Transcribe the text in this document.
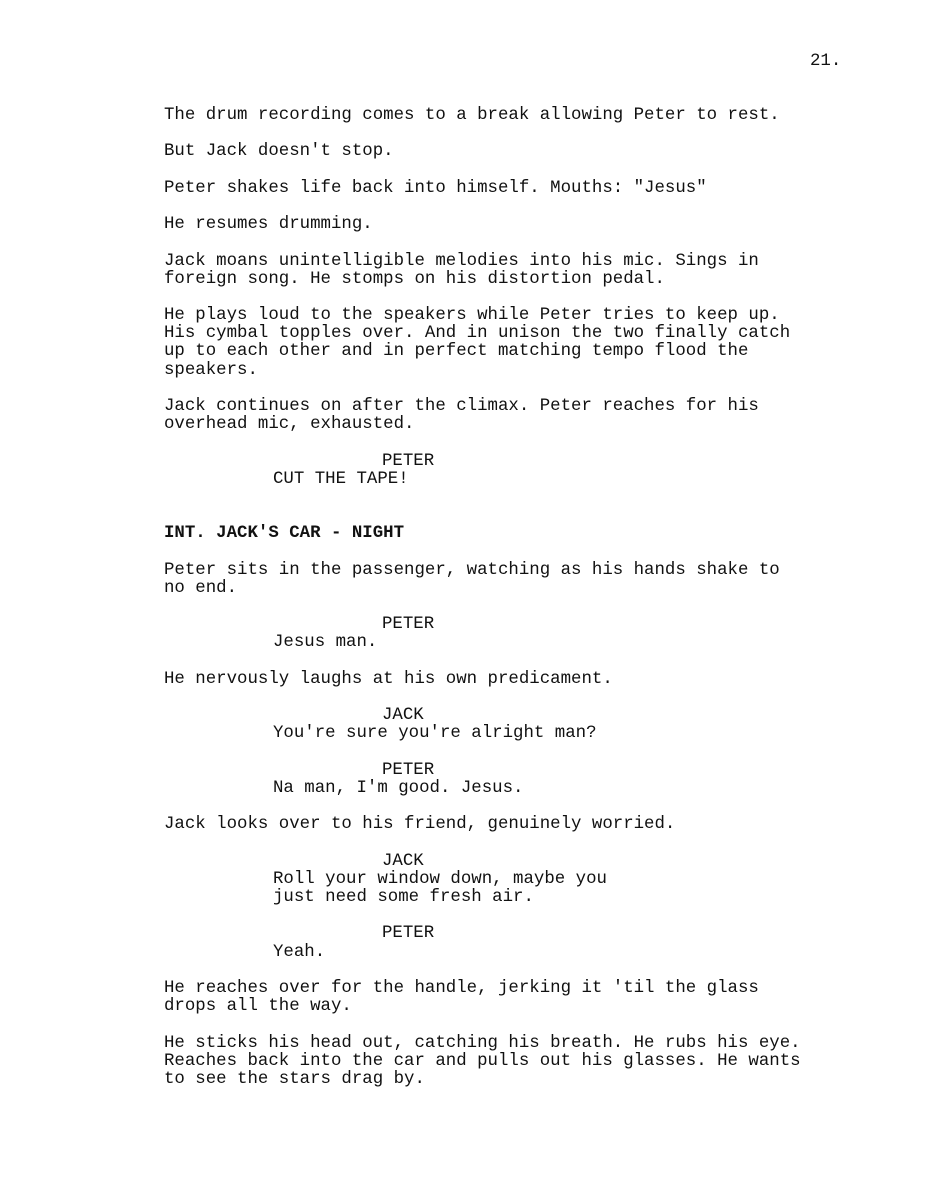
21.
The drum recording comes to a break allowing Peter to rest.
But Jack doesn't stop.
Peter shakes life back into himself. Mouths: "Jesus"
He resumes drumming.
Jack moans unintelligible melodies into his mic. Sings in
foreign song. He stomps on his distortion pedal.
He plays loud to the speakers while Peter tries to keep up.
His cymbal topples over. And in unison the two finally catch
up to each other and in perfect matching tempo flood the
speakers.
Jack continues on after the climax. Peter reaches for his
overhead mic, exhausted.
PETER
CUT THE TAPE!
INT. JACK'S CAR - NIGHT
Peter sits in the passenger, watching as his hands shake to
no end.
PETER
Jesus man.
He nervously laughs at his own predicament.
JACK
You're sure you're alright man?
PETER
Na man, I'm good. Jesus.
Jack looks over to his friend, genuinely worried.
JACK
Roll your window down, maybe you
just need some fresh air.
PETER
Yeah.
He reaches over for the handle, jerking it 'til the glass
drops all the way.
He sticks his head out, catching his breath. He rubs his eye.
Reaches back into the car and pulls out his glasses. He wants
to see the stars drag by.
